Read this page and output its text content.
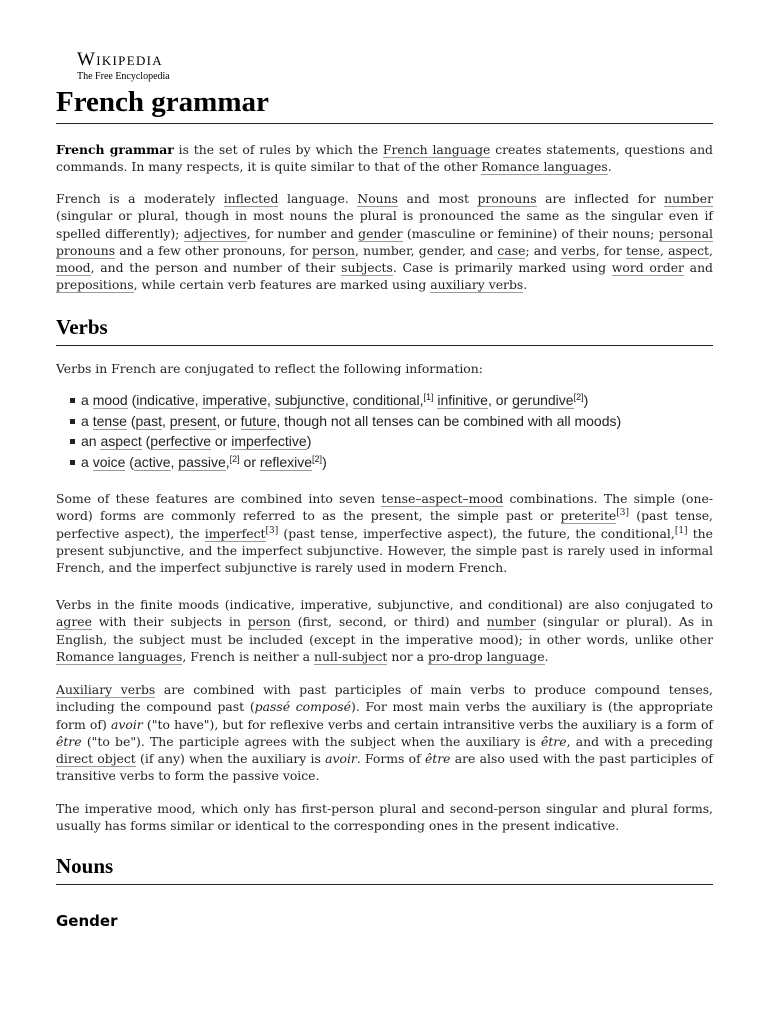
Wikipedia
The Free Encyclopedia
French grammar

French grammar is the set of rules by which the French language creates statements, questions and commands. In many respects, it is quite similar to that of the other Romance languages.

French is a moderately inflected language. Nouns and most pronouns are inflected for number (singular or plural, though in most nouns the plural is pronounced the same as the singular even if spelled differently); adjectives, for number and gender (masculine or feminine) of their nouns; personal pronouns and a few other pronouns, for person, number, gender, and case; and verbs, for tense, aspect, mood, and the person and number of their subjects. Case is primarily marked using word order and prepositions, while certain verb features are marked using auxiliary verbs.

Verbs

Verbs in French are conjugated to reflect the following information:

a mood (indicative, imperative, subjunctive, conditional,[1] infinitive, or gerundive[2])
a tense (past, present, or future, though not all tenses can be combined with all moods)
an aspect (perfective or imperfective)
a voice (active, passive,[2] or reflexive[2])

Some of these features are combined into seven tense–aspect–mood combinations. The simple (one-word) forms are commonly referred to as the present, the simple past or preterite[3] (past tense, perfective aspect), the imperfect[3] (past tense, imperfective aspect), the future, the conditional,[1] the present subjunctive, and the imperfect subjunctive. However, the simple past is rarely used in informal French, and the imperfect subjunctive is rarely used in modern French.

Verbs in the finite moods (indicative, imperative, subjunctive, and conditional) are also conjugated to agree with their subjects in person (first, second, or third) and number (singular or plural). As in English, the subject must be included (except in the imperative mood); in other words, unlike other Romance languages, French is neither a null-subject nor a pro-drop language.

Auxiliary verbs are combined with past participles of main verbs to produce compound tenses, including the compound past (passé composé). For most main verbs the auxiliary is (the appropriate form of) avoir ("to have"), but for reflexive verbs and certain intransitive verbs the auxiliary is a form of être ("to be"). The participle agrees with the subject when the auxiliary is être, and with a preceding direct object (if any) when the auxiliary is avoir. Forms of être are also used with the past participles of transitive verbs to form the passive voice.

The imperative mood, which only has first-person plural and second-person singular and plural forms, usually has forms similar or identical to the corresponding ones in the present indicative.

Nouns
Gender
